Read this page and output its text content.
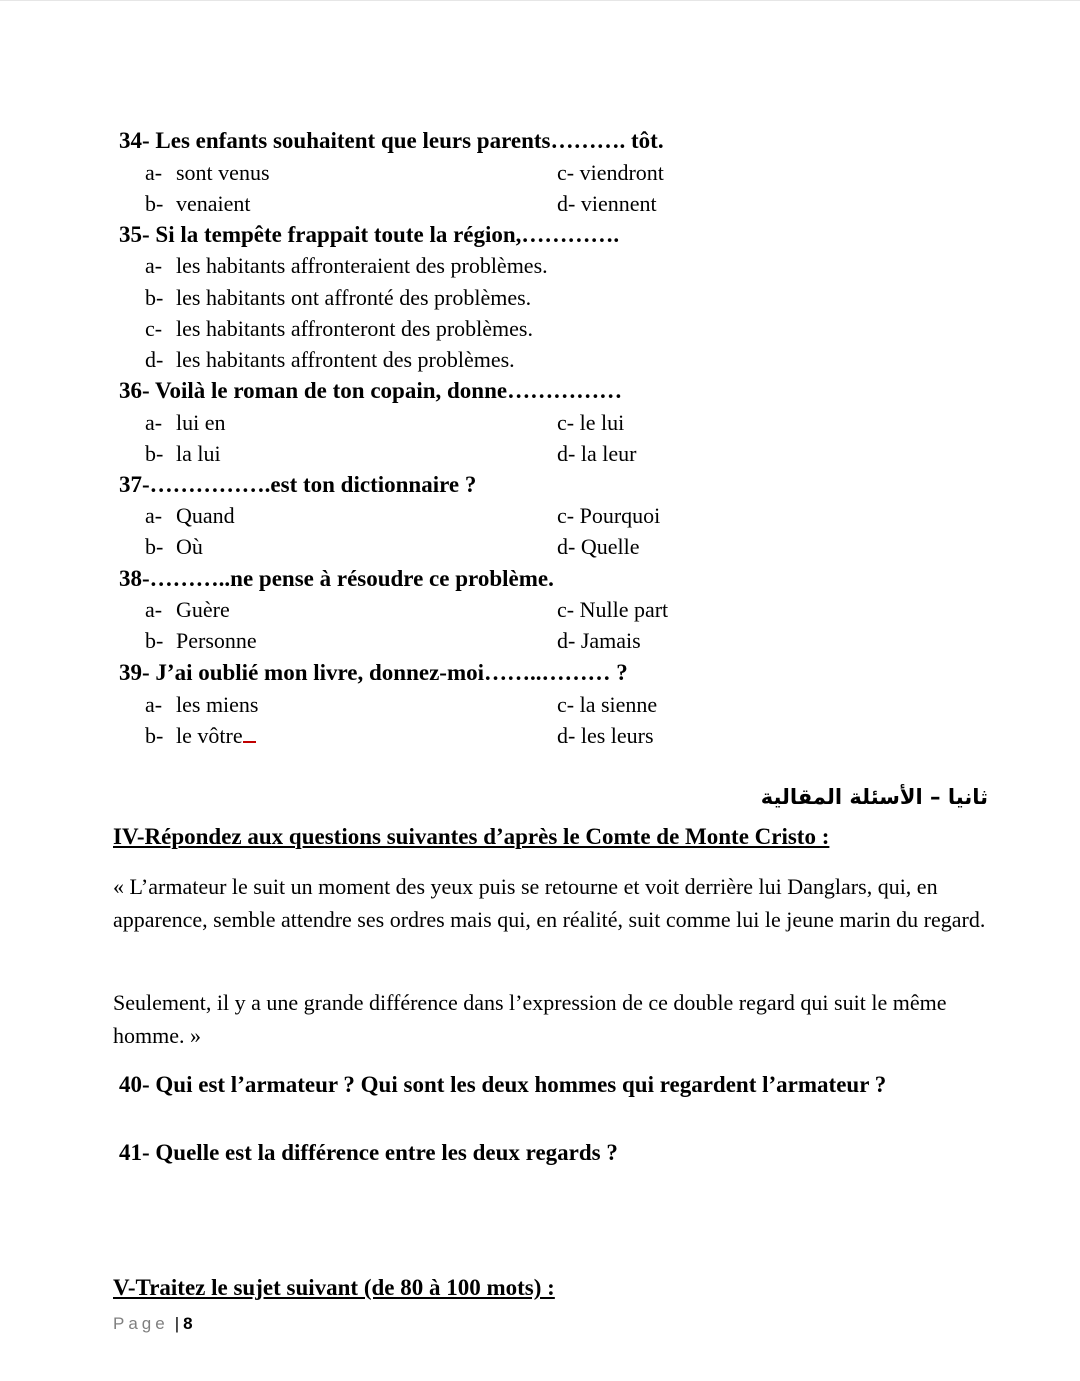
34- Les enfants souhaitent que leurs parents………. tôt.
a- sont venus	c- viendront
b- venaient	d- viennent
35- Si la tempête frappait toute la région,………….
a- les habitants affronteraient des problèmes.
b- les habitants ont affronté des problèmes.
c- les habitants affronteront des problèmes.
d- les habitants affrontent des problèmes.
36- Voilà le roman de ton copain, donne……………
a- lui en	c- le lui
b- la lui	d- la leur
37-…………….est ton dictionnaire ?
a- Quand	c- Pourquoi
b- Où	d- Quelle
38-………..ne pense à résoudre ce problème.
a- Guère	c- Nulle part
b- Personne	d- Jamais
39- J’ai oublié mon livre, donnez-moi……..……… ?
a- les miens	c- la sienne
b- le vôtre	d- les leurs
ثانيا – الأسئلة المقالية
IV-Répondez aux questions suivantes d’après le Comte de Monte Cristo :
« L’armateur le suit un moment des yeux puis se retourne et voit derrière lui Danglars, qui, en apparence, semble attendre ses ordres mais qui, en réalité, suit comme lui le jeune marin du regard.
Seulement, il y a une grande différence dans l’expression de ce double regard qui suit le même homme. »
40- Qui est l’armateur ? Qui sont les deux hommes qui regardent l’armateur ?
41- Quelle est la différence entre les deux regards ?
V-Traitez le sujet suivant (de 80 à 100 mots) :
Page | 8
